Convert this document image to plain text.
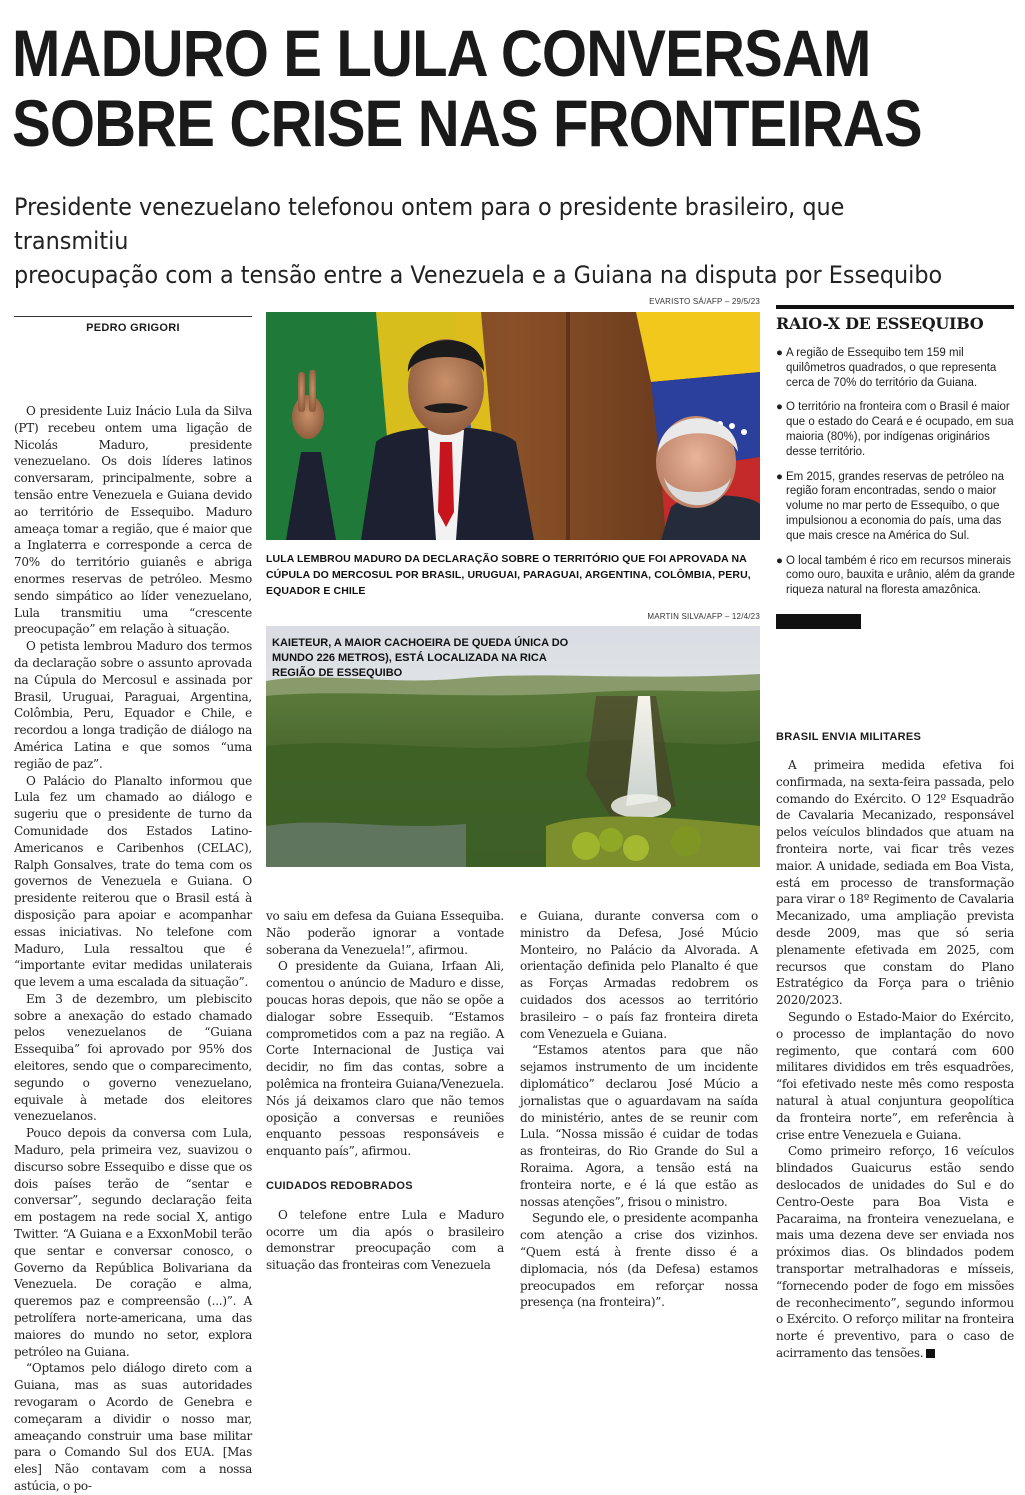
MADURO E LULA CONVERSAM
SOBRE CRISE NAS FRONTEIRAS
Presidente venezuelano telefonou ontem para o presidente brasileiro, que transmitiu
preocupação com a tensão entre a Venezuela e a Guiana na disputa por Essequibo
PEDRO GRIGORI

O presidente Luiz Inácio Lula da Silva (PT) recebeu ontem uma ligação de Nicolás Maduro, presidente venezuelano. Os dois líderes latinos conversaram, principalmente, sobre a tensão entre Venezuela e Guiana devido ao território de Essequibo. Maduro ameaça tomar a região, que é maior que a Inglaterra e corresponde a cerca de 70% do território guianês e abriga enormes reservas de petróleo. Mesmo sendo simpático ao líder venezuelano, Lula transmitiu uma “crescente preocupação” em relação à situação.

O petista lembrou Maduro dos termos da declaração sobre o assunto aprovada na Cúpula do Mercosul e assinada por Brasil, Uruguai, Paraguai, Argentina, Colômbia, Peru, Equador e Chile, e recordou a longa tradição de diálogo na América Latina e que somos “uma região de paz”.

O Palácio do Planalto informou que Lula fez um chamado ao diálogo e sugeriu que o presidente de turno da Comunidade dos Estados Latino-Americanos e Caribenhos (CELAC), Ralph Gonsalves, trate do tema com os governos de Venezuela e Guiana. O presidente reiterou que o Brasil está à disposição para apoiar e acompanhar essas iniciativas. No telefone com Maduro, Lula ressaltou que é “importante evitar medidas unilaterais que levem a uma escalada da situação”.

Em 3 de dezembro, um plebiscito sobre a anexação do estado chamado pelos venezuelanos de “Guiana Essequiba” foi aprovado por 95% dos eleitores, sendo que o comparecimento, segundo o governo venezuelano, equivale à metade dos eleitores venezuelanos.

Pouco depois da conversa com Lula, Maduro, pela primeira vez, suavizou o discurso sobre Essequibo e disse que os dois países terão de “sentar e conversar”, segundo declaração feita em postagem na rede social X, antigo Twitter. “A Guiana e a ExxonMobil terão que sentar e conversar conosco, o Governo da República Bolivariana da Venezuela. De coração e alma, queremos paz e compreensão (...)”. A petrolífera norte-americana, uma das maiores do mundo no setor, explora petróleo na Guiana.

“Optamos pelo diálogo direto com a Guiana, mas as suas autoridades revogaram o Acordo de Genebra e começaram a dividir o nosso mar, ameaçando construir uma base militar para o Comando Sul dos EUA. [Mas eles] Não contavam com a nossa astúcia, o po-

EVARISTO SÁ/AFP – 29/5/23
LULA LEMBROU MADURO DA DECLARAÇÃO SOBRE O TERRITÓRIO QUE FOI APROVADA NA CÚPULA DO MERCOSUL POR BRASIL, URUGUAI, PARAGUAI, ARGENTINA, COLÔMBIA, PERU, EQUADOR E CHILE
MARTIN SILVA/AFP – 12/4/23
KAIETEUR, A MAIOR CACHOEIRA DE QUEDA ÚNICA DO MUNDO 226 METROS), ESTÁ LOCALIZADA NA RICA REGIÃO DE ESSEQUIBO

vo saiu em defesa da Guiana Essequiba. Não poderão ignorar a vontade soberana da Venezuela!”, afirmou.

O presidente da Guiana, Irfaan Ali, comentou o anúncio de Maduro e disse, poucas horas depois, que não se opõe a dialogar sobre Essequib. “Estamos comprometidos com a paz na região. A Corte Internacional de Justiça vai decidir, no fim das contas, sobre a polêmica na fronteira Guiana/Venezuela. Nós já deixamos claro que não temos oposição a conversas e reuniões enquanto pessoas responsáveis e enquanto país”, afirmou.

CUIDADOS REDOBRADOS

O telefone entre Lula e Maduro ocorre um dia após o brasileiro demonstrar preocupação com a situação das fronteiras com Venezuela

e Guiana, durante conversa com o ministro da Defesa, José Múcio Monteiro, no Palácio da Alvorada. A orientação definida pelo Planalto é que as Forças Armadas redobrem os cuidados dos acessos ao território brasileiro – o país faz fronteira direta com Venezuela e Guiana.

“Estamos atentos para que não sejamos instrumento de um incidente diplomático” declarou José Múcio a jornalistas que o aguardavam na saída do ministério, antes de se reunir com Lula. “Nossa missão é cuidar de todas as fronteiras, do Rio Grande do Sul a Roraima. Agora, a tensão está na fronteira norte, e é lá que estão as nossas atenções”, frisou o ministro.

Segundo ele, o presidente acompanha com atenção a crise dos vizinhos. “Quem está à frente disso é a diplomacia, nós (da Defesa) estamos preocupados em reforçar nossa presença (na fronteira)”.

RAIO-X DE ESSEQUIBO
● A região de Essequibo tem 159 mil quilômetros quadrados, o que representa cerca de 70% do território da Guiana.
● O território na fronteira com o Brasil é maior que o estado do Ceará e é ocupado, em sua maioria (80%), por indígenas originários desse território.
● Em 2015, grandes reservas de petróleo na região foram encontradas, sendo o maior volume no mar perto de Essequibo, o que impulsionou a economia do país, uma das que mais cresce na América do Sul.
● O local também é rico em recursos minerais como ouro, bauxita e urânio, além da grande riqueza natural na floresta amazônica.
BRASIL ENVIA MILITARES

A primeira medida efetiva foi confirmada, na sexta-feira passada, pelo comando do Exército. O 12º Esquadrão de Cavalaria Mecanizado, responsável pelos veículos blindados que atuam na fronteira norte, vai ficar três vezes maior. A unidade, sediada em Boa Vista, está em processo de transformação para virar o 18º Regimento de Cavalaria Mecanizado, uma ampliação prevista desde 2009, mas que só seria plenamente efetivada em 2025, com recursos que constam do Plano Estratégico da Força para o triênio 2020/2023.

Segundo o Estado-Maior do Exército, o processo de implantação do novo regimento, que contará com 600 militares divididos em três esquadrões, “foi efetivado neste mês como resposta natural à atual conjuntura geopolítica da fronteira norte”, em referência à crise entre Venezuela e Guiana.

Como primeiro reforço, 16 veículos blindados Guaicurus estão sendo deslocados de unidades do Sul e do Centro-Oeste para Boa Vista e Pacaraima, na fronteira venezuelana, e mais uma dezena deve ser enviada nos próximos dias. Os blindados podem transportar metralhadoras e mísseis, “fornecendo poder de fogo em missões de reconhecimento”, segundo informou o Exército. O reforço militar na fronteira norte é preventivo, para o caso de acirramento das tensões.
